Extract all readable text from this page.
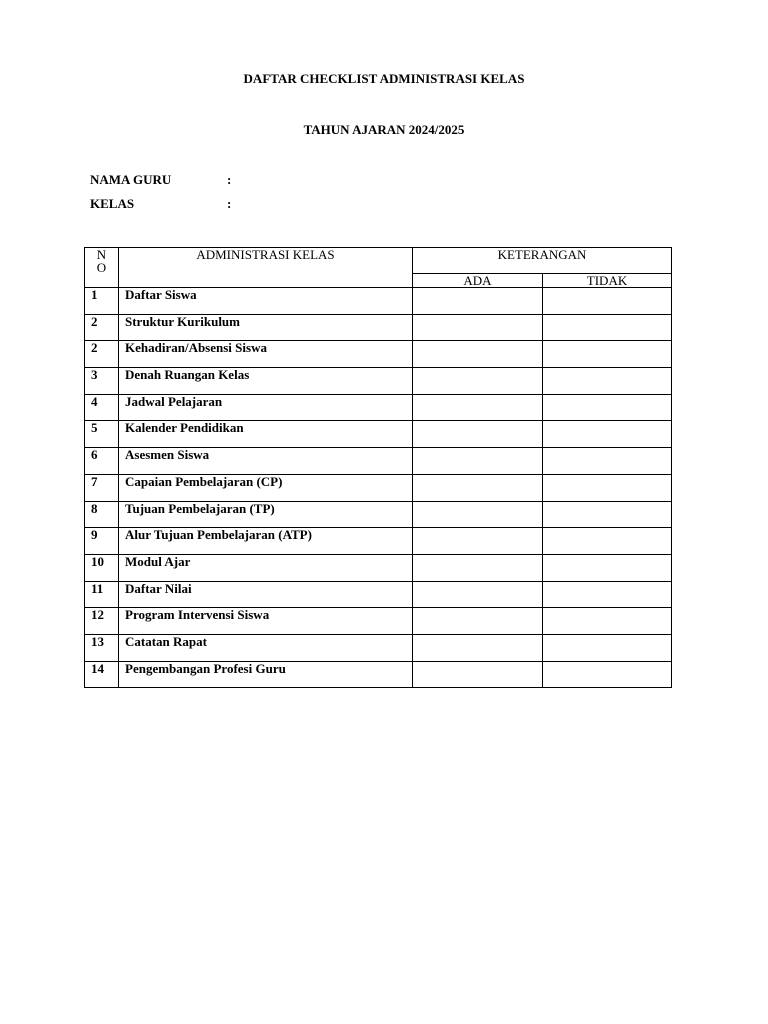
DAFTAR CHECKLIST ADMINISTRASI KELAS
TAHUN AJARAN 2024/2025
NAMA GURU	:
KELAS	:
N
O	ADMINISTRASI KELAS	KETERANGAN	
		ADA	TIDAK
1	Daftar Siswa		
2	Struktur Kurikulum		
2	Kehadiran/Absensi Siswa		
3	Denah Ruangan Kelas		
4	Jadwal Pelajaran		
5	Kalender Pendidikan		
6	Asesmen Siswa		
7	Capaian Pembelajaran (CP)		
8	Tujuan Pembelajaran (TP)		
9	Alur Tujuan Pembelajaran (ATP)		
10	Modul Ajar		
11	Daftar Nilai		
12	Program Intervensi Siswa		
13	Catatan Rapat		
14	Pengembangan Profesi Guru		
